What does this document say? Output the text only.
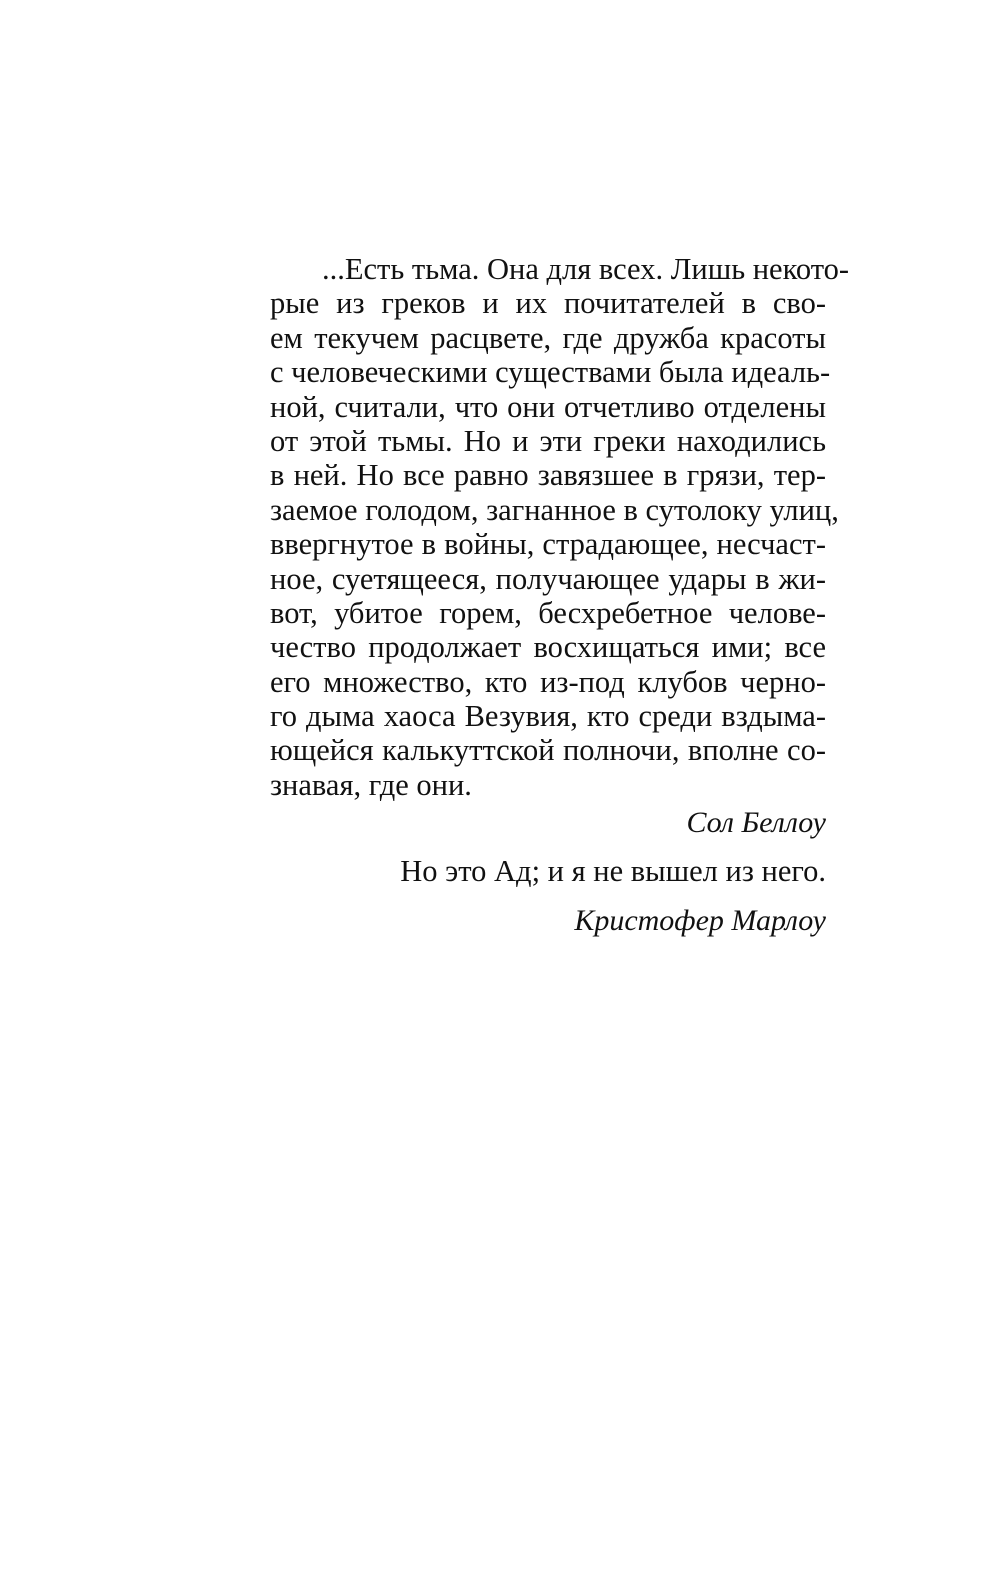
...Есть тьма. Она для всех. Лишь некото-
рые из греков и их почитателей в сво-
ем текучем расцвете, где дружба красоты
с человеческими существами была идеаль-
ной, считали, что они отчетливо отделены
от этой тьмы. Но и эти греки находились
в ней. Но все равно завязшее в грязи, тер-
заемое голодом, загнанное в сутолоку улиц,
ввергнутое в войны, страдающее, несчаст-
ное, суетящееся, получающее удары в жи-
вот, убитое горем, бесхребетное челове-
чество продолжает восхищаться ими; все
его множество, кто из-под клубов черно-
го дыма хаоса Везувия, кто среди вздыма-
ющейся калькуттской полночи, вполне со-
знавая, где они.
Сол Беллоу
Но это Ад; и я не вышел из него.
Кристофер Марлоу
